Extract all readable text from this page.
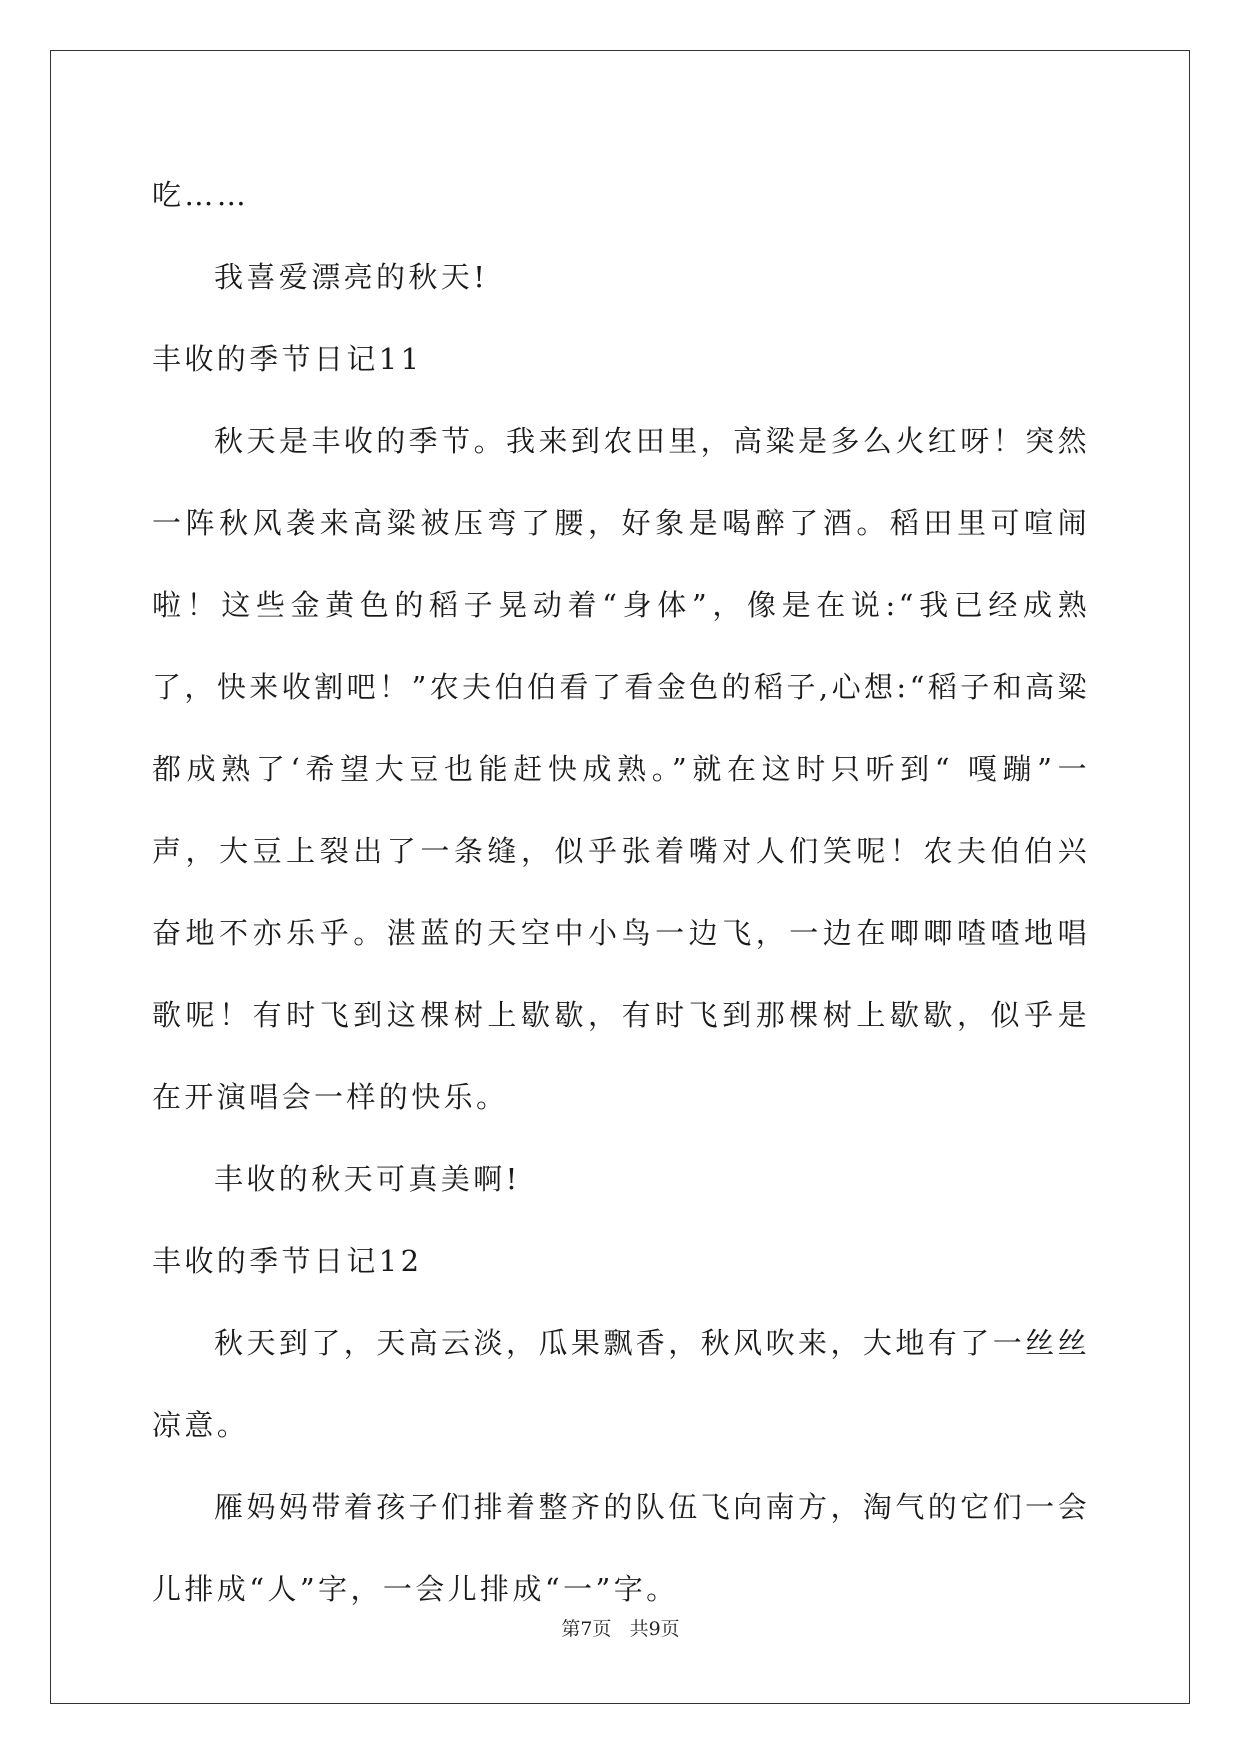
吃……

我喜爱漂亮的秋天!

丰收的季节日记11

秋天是丰收的季节。我来到农田里，高粱是多么火红呀！突然一阵秋风袭来高粱被压弯了腰，好象是喝醉了酒。稻田里可喧闹啦！这些金黄色的稻子晃动着“身体”，像是在说:“我已经成熟了，快来收割吧！”农夫伯伯看了看金色的稻子,心想:“稻子和高粱都成熟了‘希望大豆也能赶快成熟。”就在这时只听到“ 嘎蹦”一声，大豆上裂出了一条缝，似乎张着嘴对人们笑呢！农夫伯伯兴奋地不亦乐乎。湛蓝的天空中小鸟一边飞，一边在唧唧喳喳地唱歌呢！有时飞到这棵树上歇歇，有时飞到那棵树上歇歇，似乎是在开演唱会一样的快乐。

丰收的秋天可真美啊!

丰收的季节日记12

秋天到了，天高云淡，瓜果飘香，秋风吹来，大地有了一丝丝凉意。

雁妈妈带着孩子们排着整齐的队伍飞向南方，淘气的它们一会儿排成“人”字，一会儿排成“一”字。

第7页 共9页
